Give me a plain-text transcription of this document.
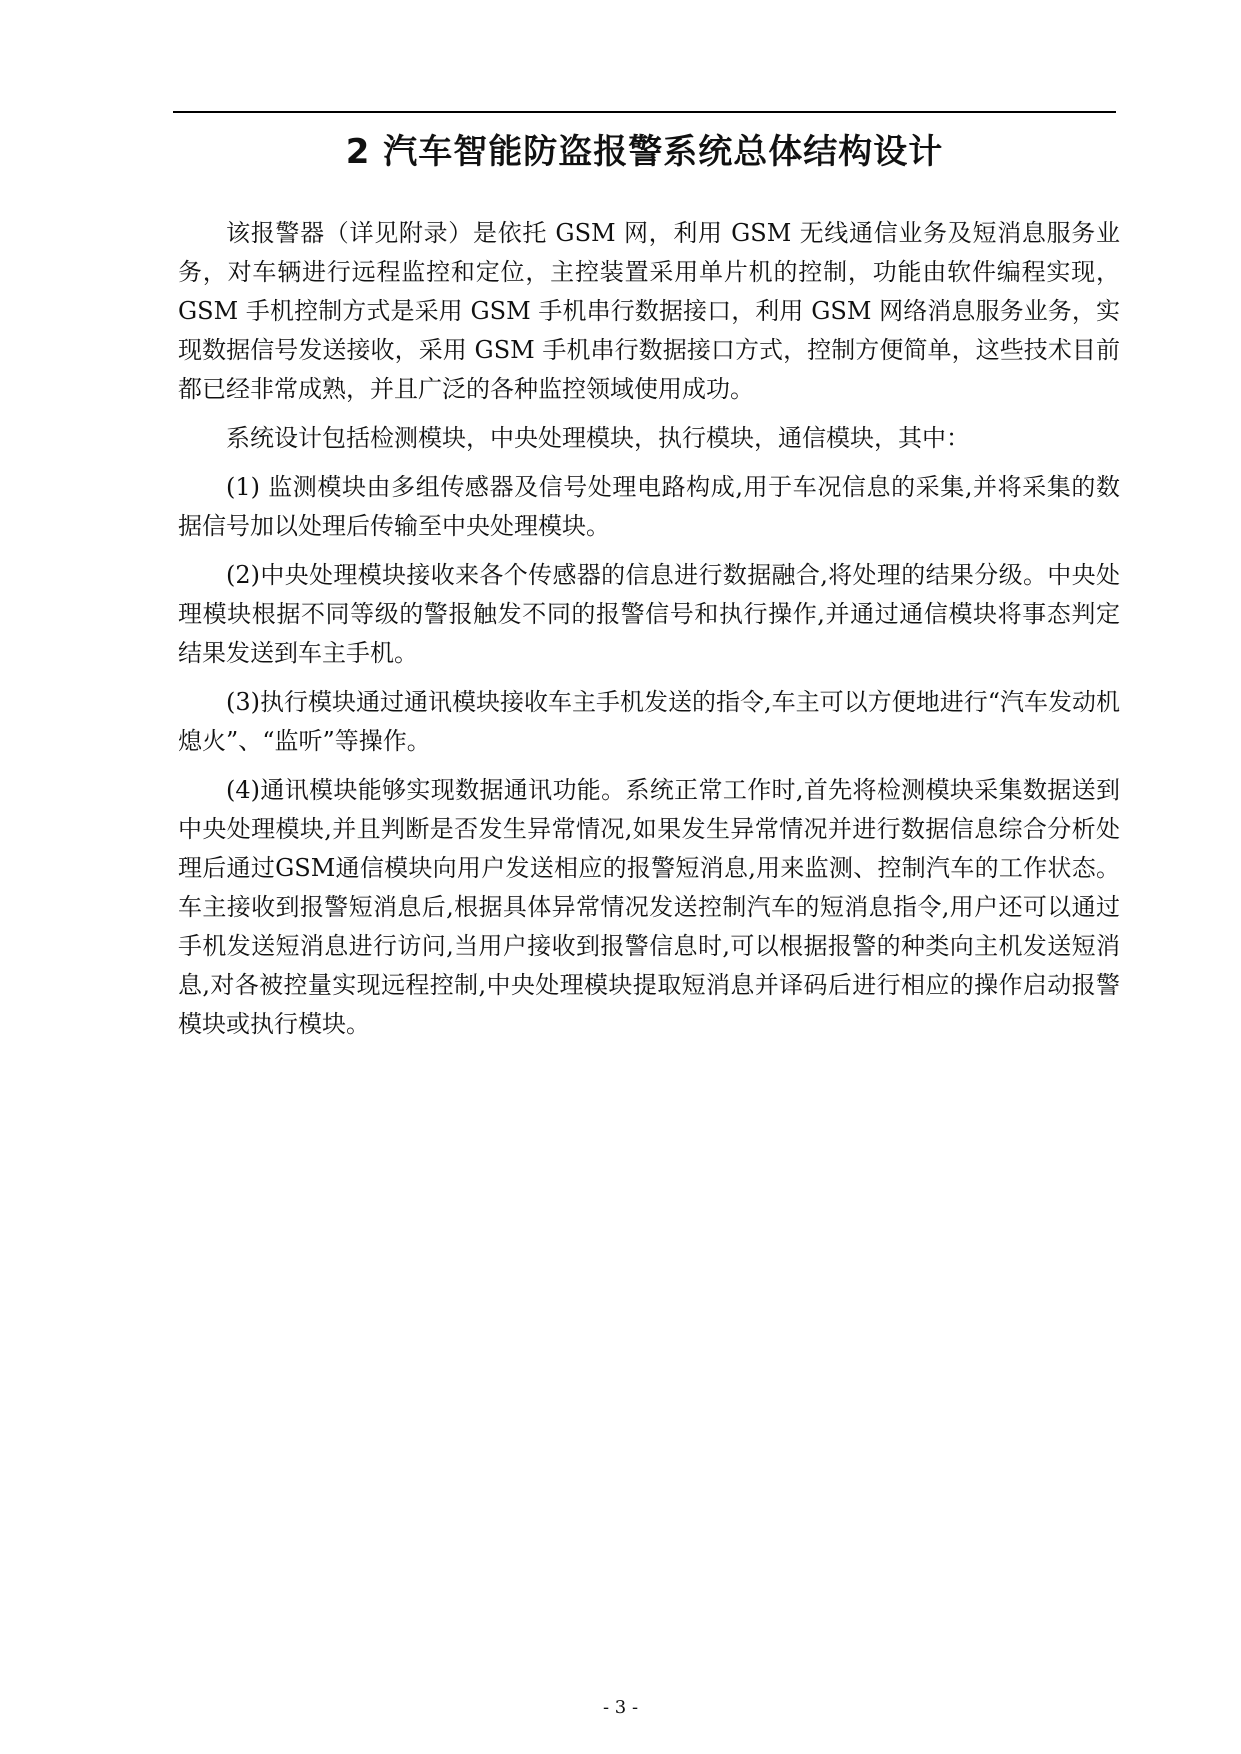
2 汽车智能防盗报警系统总体结构设计

该报警器（详见附录）是依托 GSM 网，利用 GSM 无线通信业务及短消息服务业务，对车辆进行远程监控和定位，主控装置采用单片机的控制，功能由软件编程实现，GSM 手机控制方式是采用 GSM 手机串行数据接口，利用 GSM 网络消息服务业务，实现数据信号发送接收，采用 GSM 手机串行数据接口方式，控制方便简单，这些技术目前都已经非常成熟，并且广泛的各种监控领域使用成功。

系统设计包括检测模块，中央处理模块，执行模块，通信模块，其中：

(1) 监测模块由多组传感器及信号处理电路构成,用于车况信息的采集,并将采集的数据信号加以处理后传输至中央处理模块。

(2)中央处理模块接收来各个传感器的信息进行数据融合,将处理的结果分级。中央处理模块根据不同等级的警报触发不同的报警信号和执行操作,并通过通信模块将事态判定结果发送到车主手机。

(3)执行模块通过通讯模块接收车主手机发送的指令,车主可以方便地进行“汽车发动机熄火”、“监听”等操作。

(4)通讯模块能够实现数据通讯功能。系统正常工作时,首先将检测模块采集数据送到中央处理模块,并且判断是否发生异常情况,如果发生异常情况并进行数据信息综合分析处理后通过GSM通信模块向用户发送相应的报警短消息,用来监测、控制汽车的工作状态。车主接收到报警短消息后,根据具体异常情况发送控制汽车的短消息指令,用户还可以通过手机发送短消息进行访问,当用户接收到报警信息时,可以根据报警的种类向主机发送短消息,对各被控量实现远程控制,中央处理模块提取短消息并译码后进行相应的操作启动报警模块或执行模块。

- 3 -
